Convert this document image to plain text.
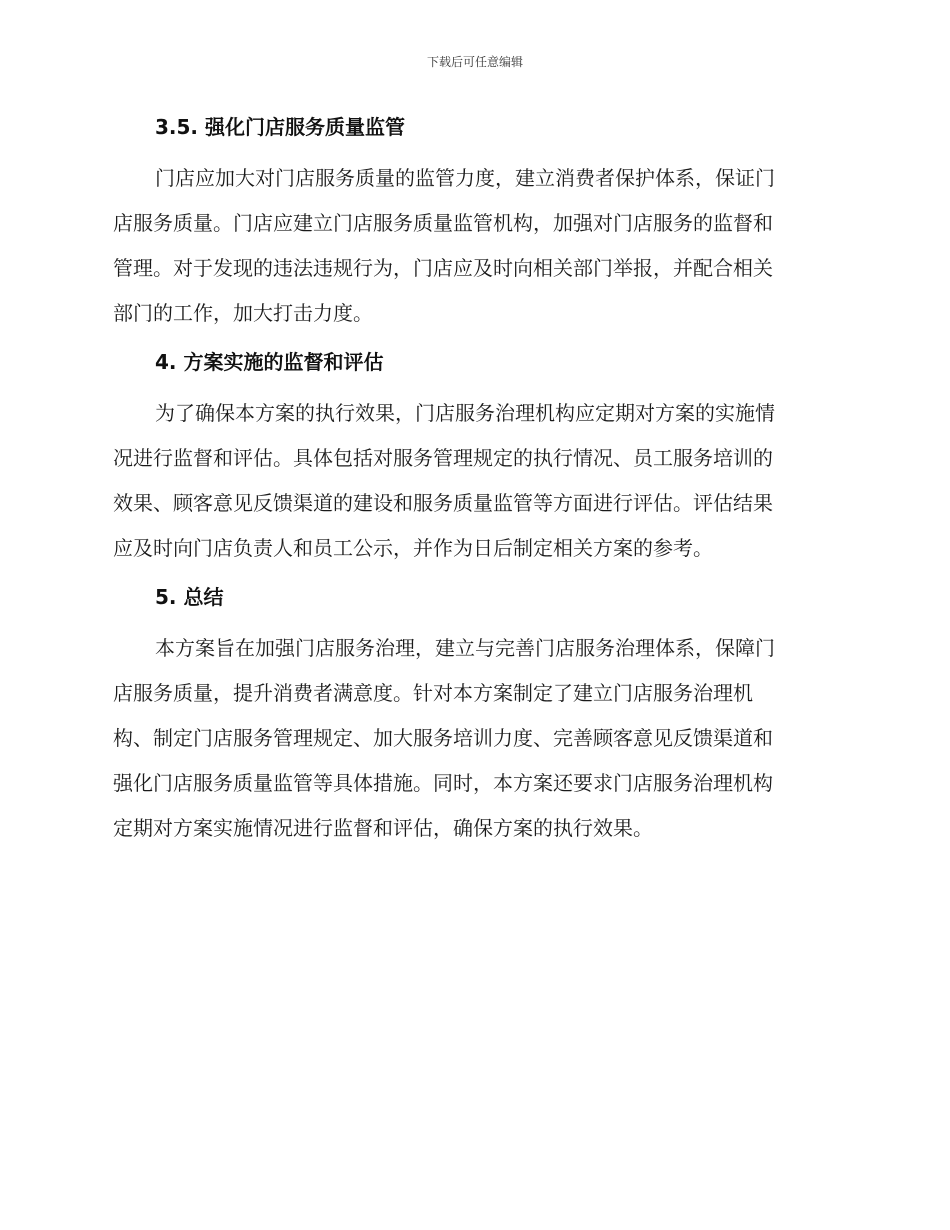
下载后可任意编辑
3.5. 强化门店服务质量监管
门店应加大对门店服务质量的监管力度，建立消费者保护体系，保证门
店服务质量。门店应建立门店服务质量监管机构，加强对门店服务的监督和
管理。对于发现的违法违规行为，门店应及时向相关部门举报，并配合相关
部门的工作，加大打击力度。
4. 方案实施的监督和评估
为了确保本方案的执行效果，门店服务治理机构应定期对方案的实施情
况进行监督和评估。具体包括对服务管理规定的执行情况、员工服务培训的
效果、顾客意见反馈渠道的建设和服务质量监管等方面进行评估。评估结果
应及时向门店负责人和员工公示，并作为日后制定相关方案的参考。
5. 总结
本方案旨在加强门店服务治理，建立与完善门店服务治理体系，保障门
店服务质量，提升消费者满意度。针对本方案制定了建立门店服务治理机
构、制定门店服务管理规定、加大服务培训力度、完善顾客意见反馈渠道和
强化门店服务质量监管等具体措施。同时，本方案还要求门店服务治理机构
定期对方案实施情况进行监督和评估，确保方案的执行效果。
